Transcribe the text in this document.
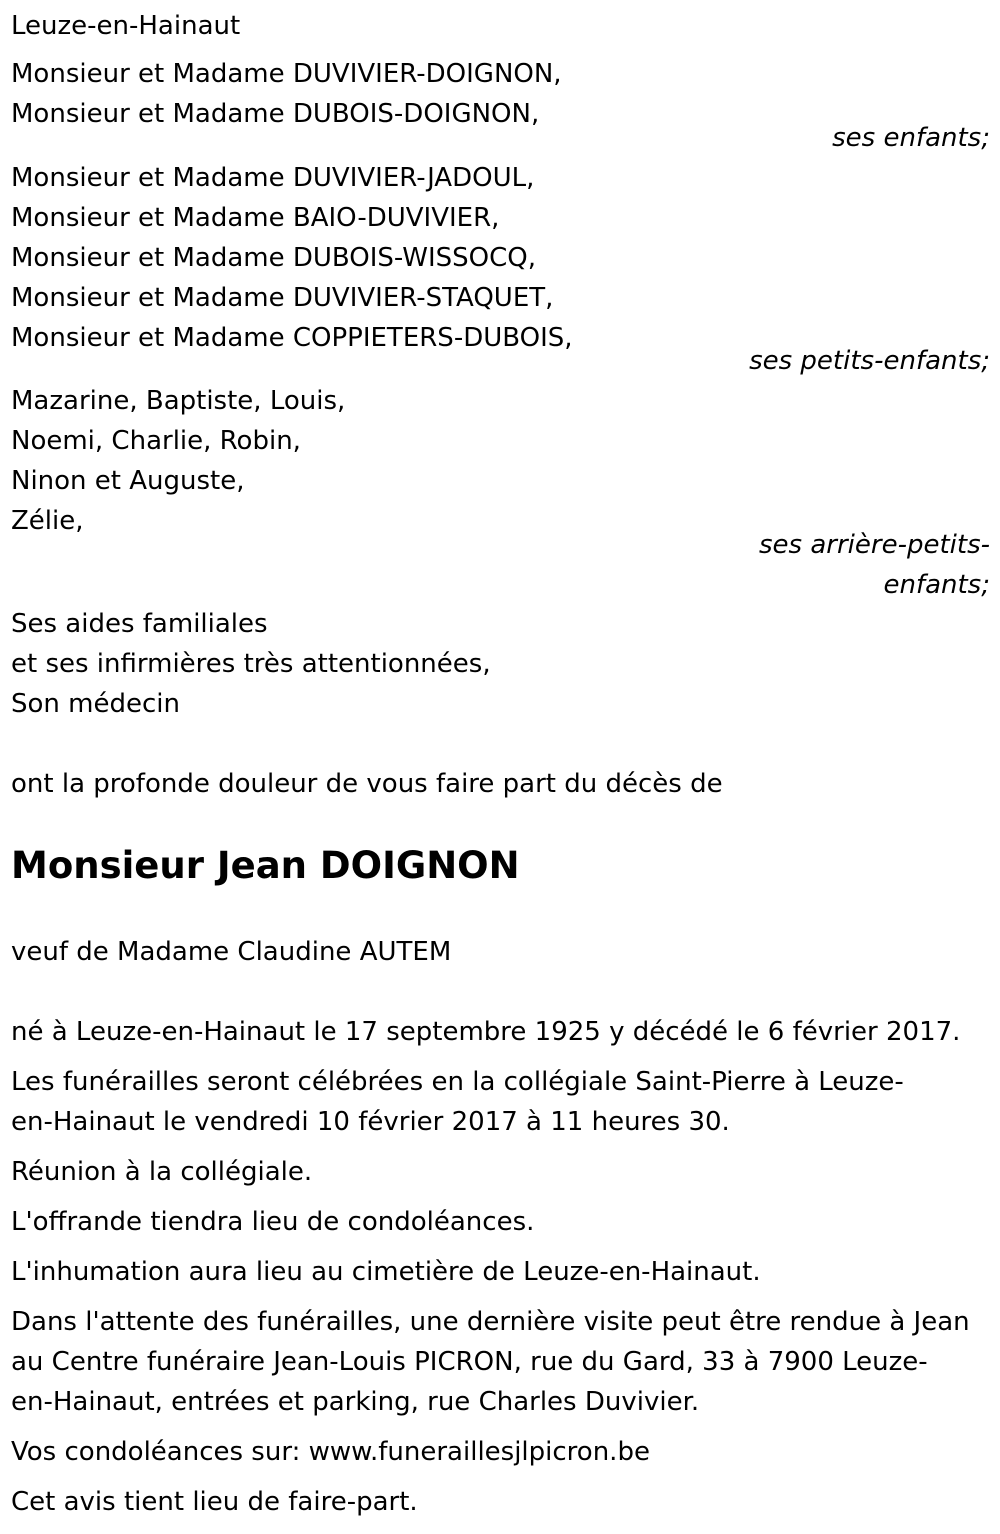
Leuze-en-Hainaut
Monsieur et Madame DUVIVIER-DOIGNON,
Monsieur et Madame DUBOIS-DOIGNON,
ses enfants;
Monsieur et Madame DUVIVIER-JADOUL,
Monsieur et Madame BAIO-DUVIVIER,
Monsieur et Madame DUBOIS-WISSOCQ,
Monsieur et Madame DUVIVIER-STAQUET,
Monsieur et Madame COPPIETERS-DUBOIS,
ses petits-enfants;
Mazarine, Baptiste, Louis,
Noemi, Charlie, Robin,
Ninon et Auguste,
Zélie,
ses arrière-petits-
enfants;
Ses aides familiales
et ses infirmières très attentionnées,
Son médecin
ont la profonde douleur de vous faire part du décès de
Monsieur Jean DOIGNON
veuf de Madame Claudine AUTEM
né à Leuze-en-Hainaut le 17 septembre 1925 y décédé le 6 février 2017.
Les funérailles seront célébrées en la collégiale Saint-Pierre à Leuze-
en-Hainaut le vendredi 10 février 2017 à 11 heures 30.
Réunion à la collégiale.
L'offrande tiendra lieu de condoléances.
L'inhumation aura lieu au cimetière de Leuze-en-Hainaut.
Dans l'attente des funérailles, une dernière visite peut être rendue à Jean
au Centre funéraire Jean-Louis PICRON, rue du Gard, 33 à 7900 Leuze-
en-Hainaut, entrées et parking, rue Charles Duvivier.
Vos condoléances sur: www.funeraillesjlpicron.be
Cet avis tient lieu de faire-part.
